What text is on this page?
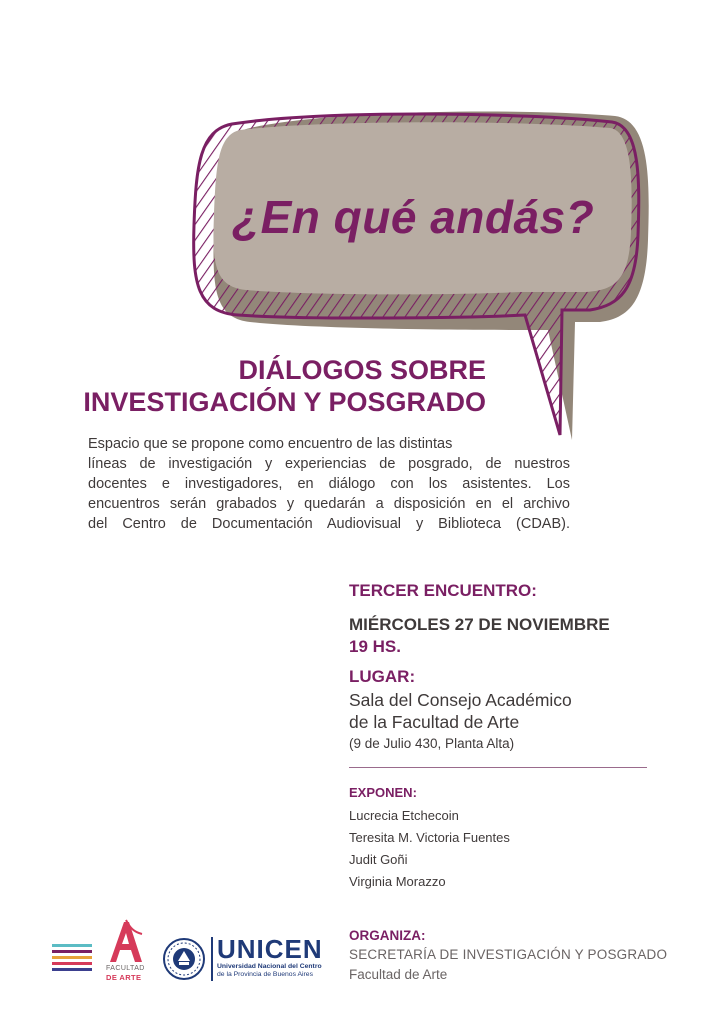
¿En qué andás?
DIÁLOGOS SOBRE
INVESTIGACIÓN Y POSGRADO
Espacio que se propone como encuentro de las distintas
líneas de investigación y experiencias de posgrado, de nuestros
docentes e investigadores, en diálogo con los asistentes. Los
encuentros serán grabados y quedarán a disposición en el archivo
del Centro de Documentación Audiovisual y Biblioteca (CDAB).
TERCER ENCUENTRO:
MIÉRCOLES 27 DE NOVIEMBRE
19 HS.
LUGAR:
Sala del Consejo Académico
de la Facultad de Arte
(9 de Julio 430, Planta Alta)
EXPONEN:
Lucrecia Etchecoin
Teresita M. Victoria Fuentes
Judit Goñi
Virginia Morazzo
ORGANIZA:
SECRETARÍA DE INVESTIGACIÓN Y POSGRADO
Facultad de Arte
FACULTAD
DE ARTE
UNICEN
Universidad Nacional del Centro
de la Provincia de Buenos Aires
